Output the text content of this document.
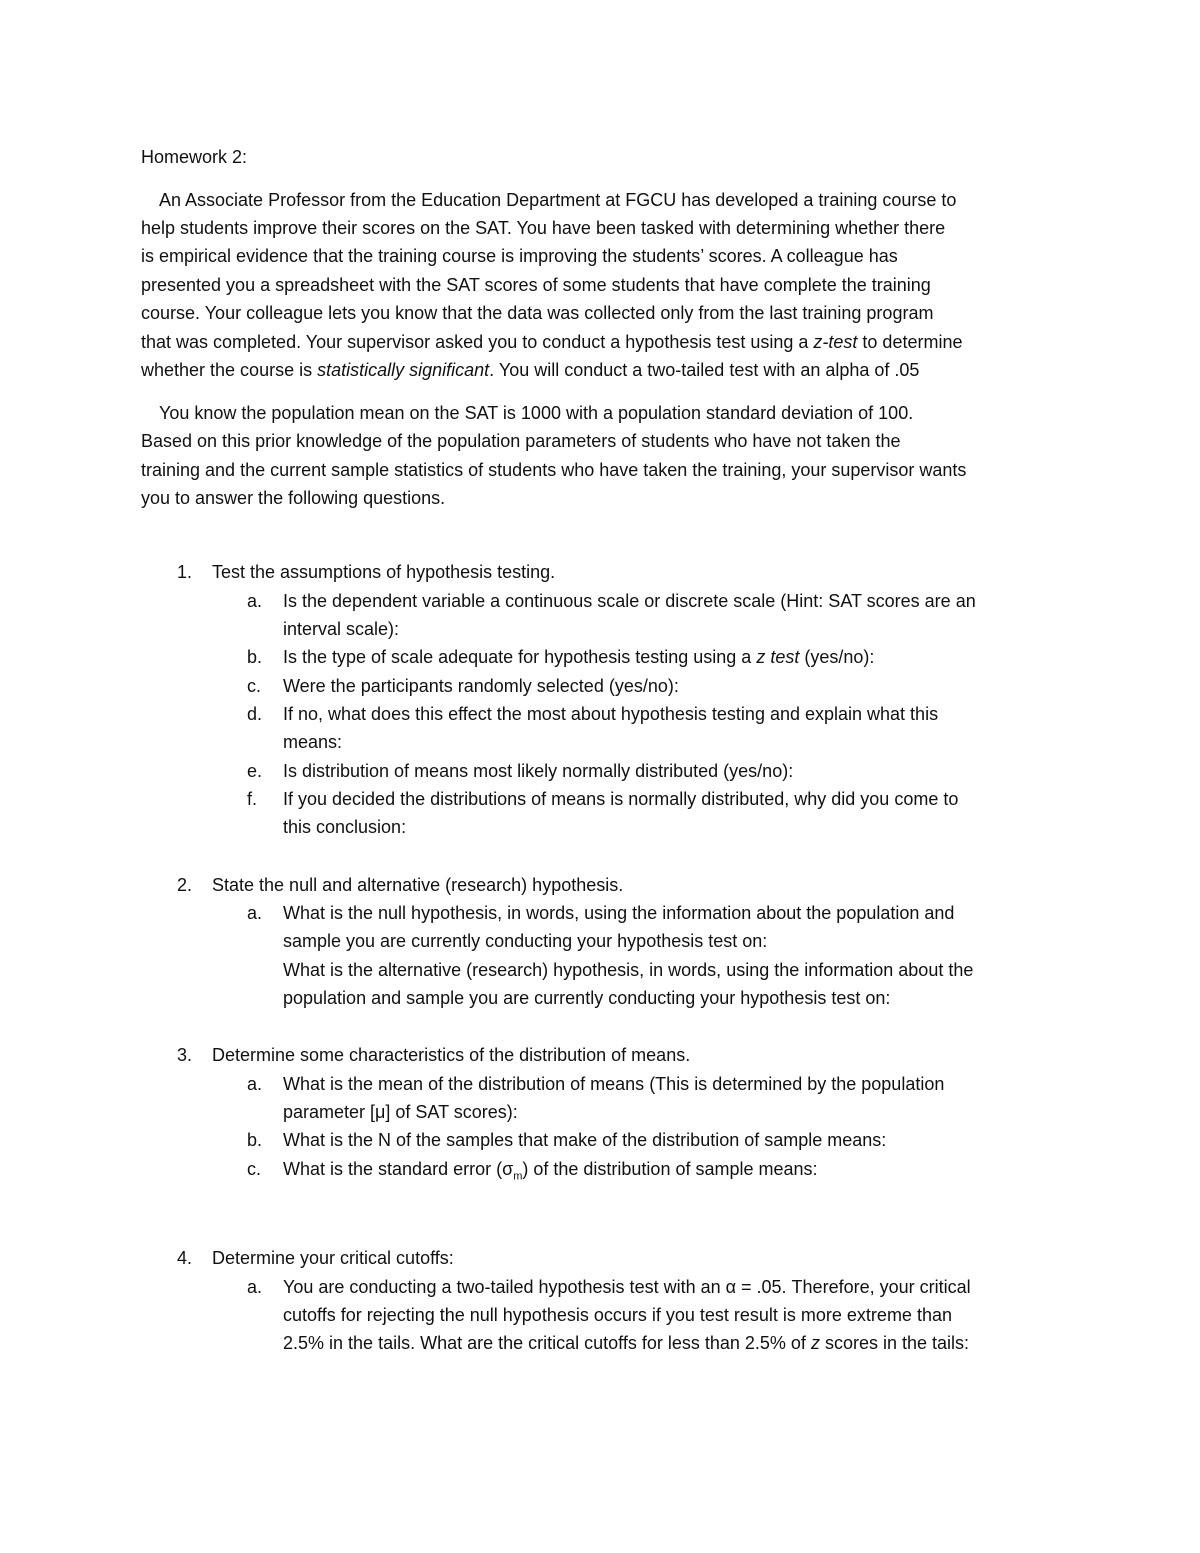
Homework 2:
An Associate Professor from the Education Department at FGCU has developed a training course to
help students improve their scores on the SAT. You have been tasked with determining whether there
is empirical evidence that the training course is improving the students’ scores. A colleague has
presented you a spreadsheet with the SAT scores of some students that have complete the training
course. Your colleague lets you know that the data was collected only from the last training program
that was completed. Your supervisor asked you to conduct a hypothesis test using a z-test to determine
whether the course is statistically significant. You will conduct a two-tailed test with an alpha of .05
You know the population mean on the SAT is 1000 with a population standard deviation of 100.
Based on this prior knowledge of the population parameters of students who have not taken the
training and the current sample statistics of students who have taken the training, your supervisor wants
you to answer the following questions.
1. Test the assumptions of hypothesis testing.
a. Is the dependent variable a continuous scale or discrete scale (Hint: SAT scores are an
interval scale):
b. Is the type of scale adequate for hypothesis testing using a z test (yes/no):
c. Were the participants randomly selected (yes/no):
d. If no, what does this effect the most about hypothesis testing and explain what this
means:
e. Is distribution of means most likely normally distributed (yes/no):
f. If you decided the distributions of means is normally distributed, why did you come to
this conclusion:
2. State the null and alternative (research) hypothesis.
a. What is the null hypothesis, in words, using the information about the population and
sample you are currently conducting your hypothesis test on:
What is the alternative (research) hypothesis, in words, using the information about the
population and sample you are currently conducting your hypothesis test on:
3. Determine some characteristics of the distribution of means.
a. What is the mean of the distribution of means (This is determined by the population
parameter [μ] of SAT scores):
b. What is the N of the samples that make of the distribution of sample means:
c. What is the standard error $(\sigma_m)$ of the distribution of sample means:
4. Determine your critical cutoffs:
a. You are conducting a two-tailed hypothesis test with an α = .05. Therefore, your critical
cutoffs for rejecting the null hypothesis occurs if you test result is more extreme than
2.5% in the tails. What are the critical cutoffs for less than 2.5% of z scores in the tails:
